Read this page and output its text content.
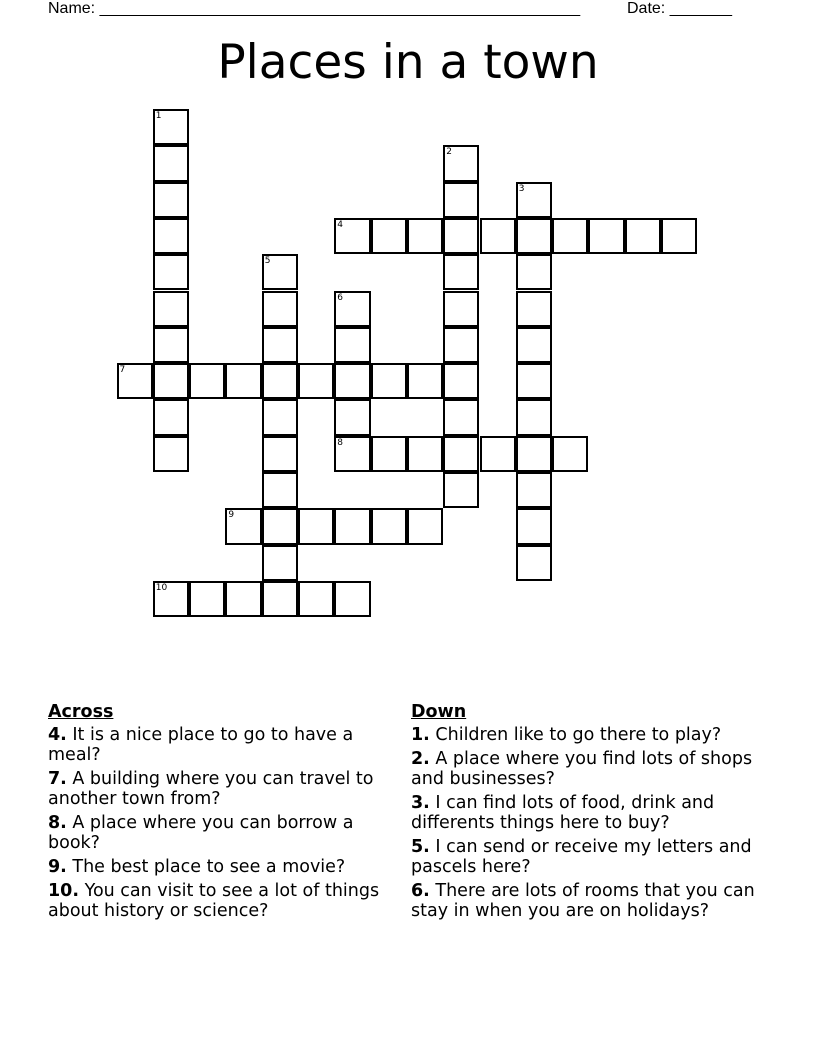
Name: ______________________________________________________	Date: _______
Places in a town
1
2
3
4
5
6
8
7
9
10
Across
4. It is a nice place to go to have a meal?
7. A building where you can travel to another town from?
8. A place where you can borrow a book?
9. The best place to see a movie?
10. You can visit to see a lot of things about history or science?
Down
1. Children like to go there to play?
2. A place where you find lots of shops and businesses?
3. I can find lots of food, drink and differents things here to buy?
5. I can send or receive my letters and pascels here?
6. There are lots of rooms that you can stay in when you are on holidays?
